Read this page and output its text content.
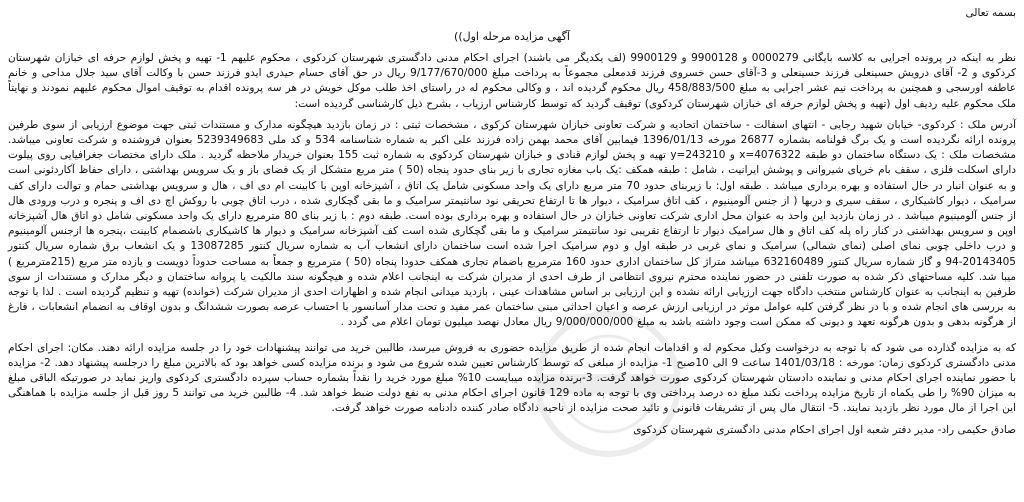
بسمه تعالی
آگهی مزایده مرحله اول))

نظر به اینکه در پرونده اجرایی به کلاسه بایگانی 0000279 و 9900128 و 9900129 (لف یکدیگر می باشند) اجرای احکام مدنی دادگستری شهرستان کردکوی ، محکوم علیهم 1- تهیه و پخش لوازم حرفه ای خبازان شهرستان کردکوی و 2- آقای درویش حسینعلی فرزند حسینعلی و 3-آقای حسن خسروی فرزند قدمعلی مجموعاً به پرداخت مبلغ 9/177/670/000 ریال در حق آقای حسام حیدری ایدو فرزند حسن با وکالت آقای سید جلال مداحی و خانم عاطفه اورسجی و همچنین به پرداخت نیم عشر اجرایی به مبلغ 458/883/500 ریال محکوم گردیده اند ، و وکالی محکوم له در راستای اخذ طلب موکل خویش در هر سه پرونده اقدام به توقیف اموال محکوم علیهم نمودند و نهایتاً ملک محکوم علیه ردیف اول (تهیه و پخش لوازم حرفه ای خبازان شهرستان کردکوی) توقیف گردید که توسط کارشناس ارزیاب ، بشرح ذیل کارشناسی گردیده است:

آدرس ملک : کردکوی- خیابان شهید رجایی - انتهای اسفالت - ساختمان اتحادیه و شرکت تعاونی خبازان شهرستان کرکوی ، مشخصات ثبتی : در زمان بازدید هیچگونه مدارک و مستندات ثبتی جهت موضوع ارزیابی از سوی طرفین پرونده ارائه نگردیده است و یک برگ قولنامه بشماره 26877 مورخه 1396/01/13 فیمابین آقای محمد بهمن زاده فرزند علی اکبر به شماره شناسنامه 534 و کد ملی 5239349683 بعنوان فروشنده و شرکت تعاونی میباشد. مشخصات ملک : یک دستگاه ساختمان دو طبقه x=4076322 و y=243210 تهیه و پخش لوازم قنادی و خبازان شهرستان کردکوی به شماره ثبت 155 بعنوان خریدار ملاحظه گردید . ملک دارای مختصات جغرافیایی روی پیلوت دارای اسکلت فلزی ، سقف بام خرپای شیروانی و پوشش ایرانیت ، شامل : طبقه همکف :یک باب مغازه تجاری با زیر بنای حدود پنجاه (50 ) متر مربع متشکل از یک فضای باز و یک سرویس بهداشتی ، دارای حفاظ آکاردئونی است و به عنوان انبار در حال استفاده و بهره برداری میباشد . طبقه اول: با زیربنای حدود 70 متر مربع دارای یک واحد مسکونی شامل یک اتاق ، آشپزخانه اوپن با کابینت ام دی اف ، هال و سرویس بهداشتی حمام و توالت دارای کف سرامیک ، دیوار کاشیکاری ، سقف سیری و دربها ( از جنس آلومینیوم ، کف اتاق سرامیک ، دیوار ها تا ارتفاع تحریقی نود سانتیمتر سرامیک و ما بقی گچکاری شده ، درب اتاق چوبی با روکش اچ دی اف و پنجره و درب ورودی هال از جنس آلومینیوم میباشد . در زمان بازدید این واحد به عنوان محل اداری شرکت تعاونی خبازان در حال استفاده و بهره برداری بوده است. طبقه دوم : با زیر بنای 80 مترمربع دارای یک واحد مسکونی شامل دو اتاق هال آشپزخانه اوپن و سرویس بهداشتی در کنار راه پله کف اتاق و هال سرامیک دیوار تا ارتفاع تقریبی نود سانتیمتر سرامیک و ما بقی گچکاری شده است کف آشپزخانه سرامیک و دیوار ها کاشیکاری باشصمام کابینت ،پنجره ها ازجنس آلومینیوم و درب داخلی چوبی نمای اصلی (نمای شمالی) سرامیک و نمای غربی در طبقه اول و دوم سرامیک اجرا شده است ساختمان دارای انشعاب آب به شماره سریال کنتور 13087285 و یک انشعاب برق شماره سریال کنتور 20143405-94 و گاز شماره سریال کنتور 632160489 میباشد متراژ کل ساختمان اداری حدود 160 مترمربع باضمام تجاری همکف حدودا پنجاه (50 ) مترمربع و جمعاً به مساحت حدوداً دویست و یازده متر مربع (215مترمربع ) میبا شد. کلیه مساحتهای ذکر شده به صورت تلفنی در حضور نماینده محترم نیروی انتظامی از طرف احدی از مدیران شرکت به اینجانب اعلام شده و هیچگونه سند مالکیت یا پروانه ساختمان و دیگر مدارک و مستندات از سوی طرفین به اینجانب به عنوان کارشناس منتخب دادگاه جهت ارزیابی ارائه نشده و این ارزیابی بر اساس مشاهدات عینی ، بازدید میدانی انجام شده و اظهارات احدی از مدیران شرکت (خوانده) تهیه و تنظیم گردیده است . لذا با توجه به بررسی های انجام شده و با در نظر گرفتن کلیه عوامل موثر در ارزیابی ارزش عرصه و اعیان احداثی مبنی ساختمان عمر مفید و تحت مدار آسانسور با احتساب عرصه بصورت ششدانگ و بدون اوقاف به انضمام انشعابات ، فارغ از هرگونه بدهی و بدون هرگونه تعهد و دیونی که ممکن است وجود داشته باشد به مبلغ 9/000/000/000 ریال معادل نهصد میلیون تومان اعلام می گردد .

که به مزایده گذارده می شود که با توجه به درخواست وکیل محکوم له و اقدامات انجام شده از طریق مزایده حضوری به فروش میرسد، طالبین خرید می توانند پیشنهادات خود را در جلسه مزایده ارائه دهند. مکان: اجرای احکام مدنی دادگستری کردکوی زمان: مورخه : 1401/03/18 ساعت 9 الی 10صبح 1- مزایده از مبلغی که توسط کارشناس تعیین شده شروع می شود و برنده مزایده کسی خواهد بود که بالاترین مبلغ را درجلسه پیشنهاد دهد. 2- مزایده با حضور نماینده اجرای احکام مدنی و نماینده دادستان شهرستان کردکوی صورت خواهد گرفت. 3-برنده مزایده میبایست 10% مبلغ مورد خرید را نقداً بشماره حساب سپرده دادگستری کردکوی واریز نماید در صورتیکه الباقی مبلغ به میزان 90% را طی یکماه از تاریخ مزایده پرداخت نکند مبلغ ده درصد پرداختی وی با توجه به ماده 129 قانون اجرای احکام مدنی به نفع دولت ضبط خواهد شد. 4- طالبین خرید می توانند 5 روز قبل از جلسه مزایده با هماهنگی این اجرا از مال مورد نظر بازدید نمایند. 5- انتقال مال پس از تشریفات قانونی و تائید صحت مزایده از ناحیه دادگاه صادر کننده دادنامه صورت خواهد گرفت.

صادق حکیمی راد- مدیر دفتر شعبه اول اجرای احکام مدنی دادگستری شهرستان کردکوی
